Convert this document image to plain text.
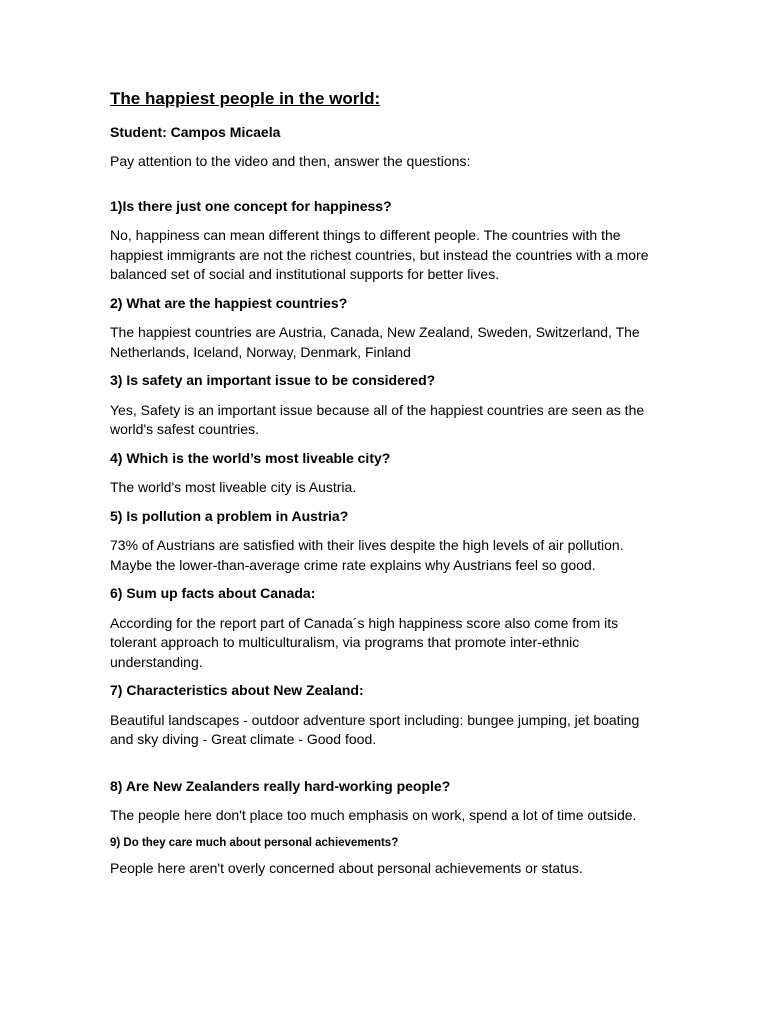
The happiest people in the world:
Student: Campos Micaela
Pay attention to the video and then, answer the questions:
1)Is there just one concept for happiness?
No, happiness can mean different things to different people. The countries with the happiest immigrants are not the richest countries, but instead the countries with a more balanced set of social and institutional supports for better lives.
2) What are the happiest countries?
The happiest countries are Austria, Canada, New Zealand, Sweden, Switzerland, The Netherlands, Iceland, Norway, Denmark, Finland
3) Is safety an important issue to be considered?
Yes, Safety is an important issue because all of the happiest countries are seen as the world's safest countries.
4) Which is the world’s most liveable city?
The world's most liveable city is Austria.
5) Is pollution a problem in Austria?
73% of Austrians are satisfied with their lives despite the high levels of air pollution. Maybe the lower-than-average crime rate explains why Austrians feel so good.
6) Sum up facts about Canada:
According for the report part of Canada´s high happiness score also come from its tolerant approach to multiculturalism, via programs that promote inter-ethnic understanding.
7) Characteristics about New Zealand:
Beautiful landscapes - outdoor adventure sport including: bungee jumping, jet boating and sky diving - Great climate - Good food.
8) Are New Zealanders really hard-working people?
The people here don't place too much emphasis on work, spend a lot of time outside.
9) Do they care much about personal achievements?
People here aren't overly concerned about personal achievements or status.
